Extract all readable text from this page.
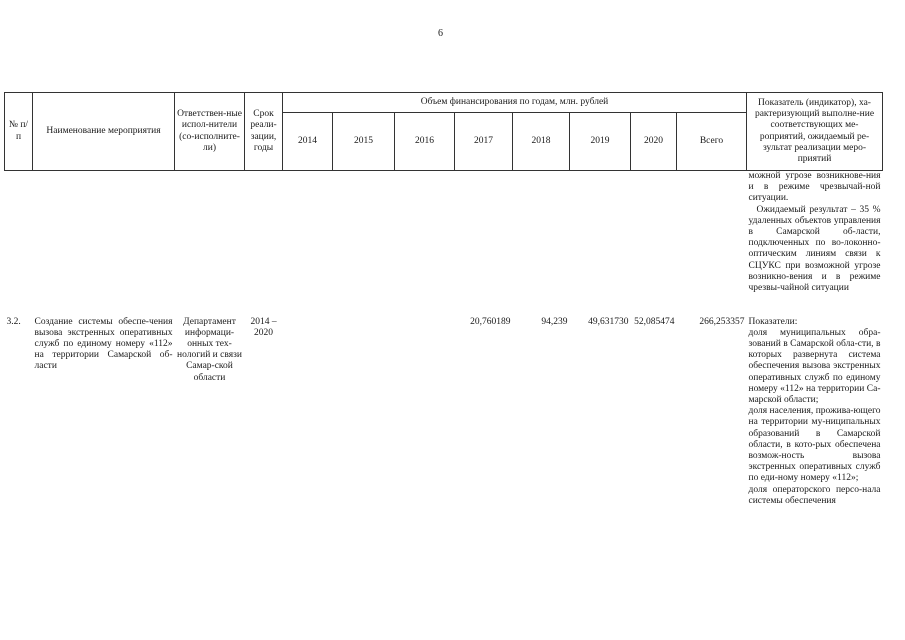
6
№ п/п	Наименование мероприятия	Ответствен-ные испол-нители (со-исполните-ли)	Срок реали-зации, годы	Объем финансирования по годам, млн. рублей								Показатель (индикатор), ха-рактеризующий выполне-ние соответствующих ме-роприятий, ожидаемый ре-зультат реализации меро-приятий
				2014	2015	2016	2017	2018	2019	2020	Всего	

												можной угрозе возникнове-ния и в режиме чрезвычай-ной ситуации.
Ожидаемый результат – 35 % удаленных объектов управления в Самарской об-ласти, подключенных по во-локонно-оптическим линиям связи к СЦУКС при возможной угрозе возникно-вения и в режиме чрезвы-чайной ситуации

3.2.	Создание системы обеспе-чения вызова экстренных оперативных служб по единому номеру «112» на территории Самарской об-ласти	Департамент информаци-онных тех-нологий и связи Самар-ской области	2014 – 2020				20,760189	94,239	49,631730	52,085474	266,253357	Показатели:
доля муниципальных обра-зований в Самарской обла-сти, в которых развернута система обеспечения вызова экстренных оперативных служб по единому номеру «112» на территории Са-марской области;
доля населения, прожива-ющего на территории му-ниципальных образований в Самарской области, в кото-рых обеспечена возмож-ность вызова экстренных оперативных служб по еди-ному номеру «112»;
доля операторского персо-нала системы обеспечения
